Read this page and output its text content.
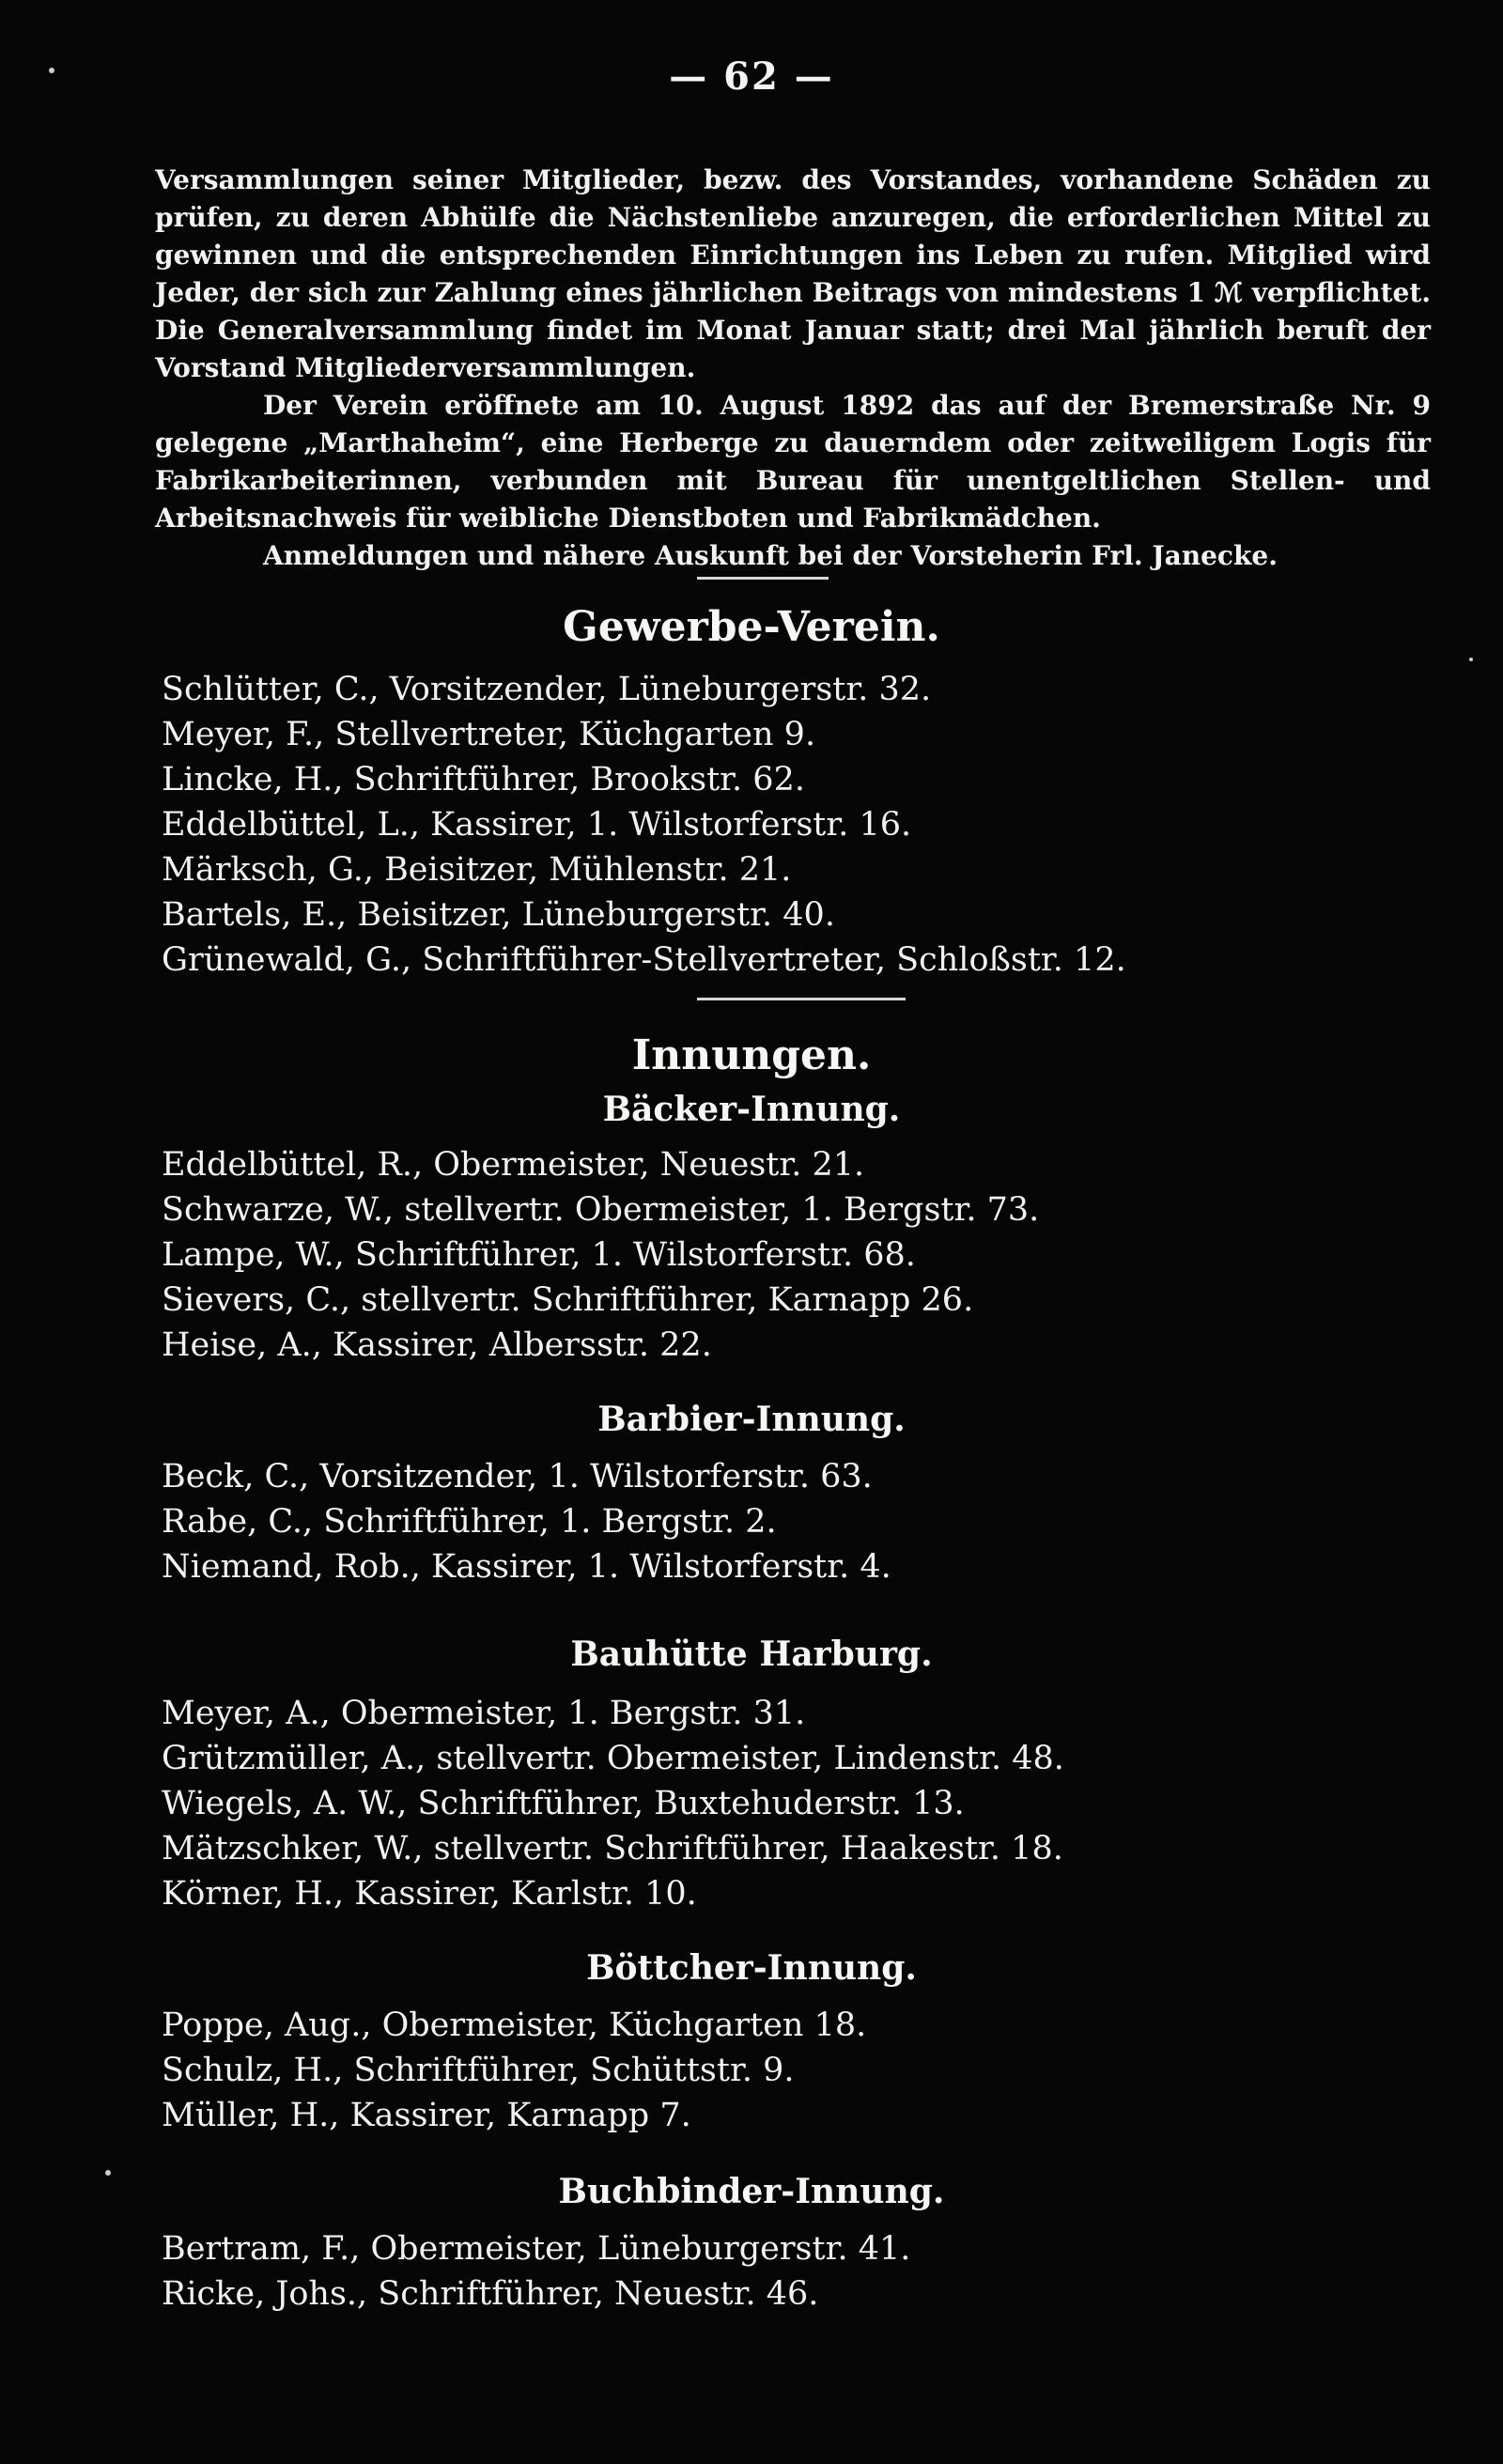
— 62 —

Versammlungen seiner Mitglieder, bezw. des Vorstandes, vorhandene Schäden zu prüfen, zu deren Abhülfe die Nächstenliebe anzuregen, die erforderlichen Mittel zu gewinnen und die entsprechenden Einrichtungen ins Leben zu rufen. Mitglied wird Jeder, der sich zur Zahlung eines jährlichen Beitrags von mindestens 1 ℳ verpflichtet. Die Generalversammlung findet im Monat Januar statt; drei Mal jährlich beruft der Vorstand Mitgliederversammlungen.

Der Verein eröffnete am 10. August 1892 das auf der Bremerstraße Nr. 9 gelegene „Marthaheim“, eine Herberge zu dauerndem oder zeitweiligem Logis für Fabrikarbeiterinnen, verbunden mit Bureau für unentgeltlichen Stellen- und Arbeitsnachweis für weibliche Dienstboten und Fabrikmädchen.

Anmeldungen und nähere Auskunft bei der Vorsteherin Frl. Janecke.

Gewerbe-Verein.
Schlütter, C., Vorsitzender, Lüneburgerstr. 32.
Meyer, F., Stellvertreter, Küchgarten 9.
Lincke, H., Schriftführer, Brookstr. 62.
Eddelbüttel, L., Kassirer, 1. Wilstorferstr. 16.
Märksch, G., Beisitzer, Mühlenstr. 21.
Bartels, E., Beisitzer, Lüneburgerstr. 40.
Grünewald, G., Schriftführer-Stellvertreter, Schloßstr. 12.
Innungen.
Bäcker-Innung.
Eddelbüttel, R., Obermeister, Neuestr. 21.
Schwarze, W., stellvertr. Obermeister, 1. Bergstr. 73.
Lampe, W., Schriftführer, 1. Wilstorferstr. 68.
Sievers, C., stellvertr. Schriftführer, Karnapp 26.
Heise, A., Kassirer, Albersstr. 22.
Barbier-Innung.
Beck, C., Vorsitzender, 1. Wilstorferstr. 63.
Rabe, C., Schriftführer, 1. Bergstr. 2.
Niemand, Rob., Kassirer, 1. Wilstorferstr. 4.
Bauhütte Harburg.
Meyer, A., Obermeister, 1. Bergstr. 31.
Grützmüller, A., stellvertr. Obermeister, Lindenstr. 48.
Wiegels, A. W., Schriftführer, Buxtehuderstr. 13.
Mätzschker, W., stellvertr. Schriftführer, Haakestr. 18.
Körner, H., Kassirer, Karlstr. 10.
Böttcher-Innung.
Poppe, Aug., Obermeister, Küchgarten 18.
Schulz, H., Schriftführer, Schüttstr. 9.
Müller, H., Kassirer, Karnapp 7.
Buchbinder-Innung.
Bertram, F., Obermeister, Lüneburgerstr. 41.
Ricke, Johs., Schriftführer, Neuestr. 46.
